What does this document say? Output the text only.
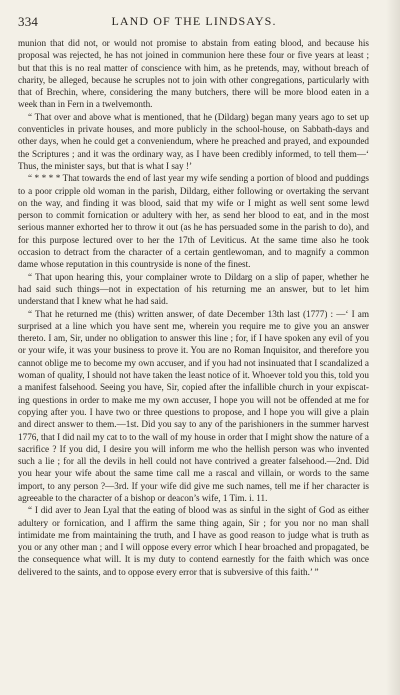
334	LAND OF THE LINDSAYS.

munion that did not, or would not promise to abstain from eating blood, and because his proposal was rejected, he has not joined in communion here these four or five years at least ; but that this is no real matter of conscience with him, as he pretends, may, without breach of charity, be alleged, because he scruples not to join with other congregations, particularly with that of Brechin, where, considering the many butchers, there will be more blood eaten in a week than in Fern in a twelvemonth.

“ That over and above what is mentioned, that he (Dildarg) began many years ago to set up conventicles in private houses, and more publicly in the school-house, on Sabbath-days and other days, when he could get a conveniendum, where he preached and prayed, and expounded the Scriptures ; and it was the ordinary way, as I have been credibly informed, to tell them—‘ Thus, the minister says, but that is what I say !’

“ * * * * That towards the end of last year my wife sending a portion of blood and puddings to a poor cripple old woman in the parish, Dildarg, either following or overtaking the servant on the way, and finding it was blood, said that my wife or I might as well sent some lewd person to commit fornication or adultery with her, as send her blood to eat, and in the most serious manner exhorted her to throw it out (as he has persuaded some in the parish to do), and for this purpose lectured over to her the 17th of Leviticus. At the same time also he took occasion to detract from the character of a certain gentlewoman, and to magnify a common dame whose reputation in this countryside is none of the finest.

“ That upon hearing this, your complainer wrote to Dildarg on a slip of paper, whether he had said such things—not in expectation of his returning me an answer, but to let him understand that I knew what he had said.

“ That he returned me (this) written answer, of date December 13th last (1777) : —‘ I am surprised at a line which you have sent me, wherein you require me to give you an answer thereto. I am, Sir, under no obligation to answer this line ; for, if I have spoken any evil of you or your wife, it was your business to prove it. You are no Roman Inquisitor, and therefore you cannot oblige me to become my own accuser, and if you had not insinuated that I scandalized a woman of quality, I should not have taken the least notice of it. Whoever told you this, told you a manifest falsehood. Seeing you have, Sir, copied after the infallible church in your expiscat-ing questions in order to make me my own accuser, I hope you will not be offended at me for copying after you. I have two or three questions to propose, and I hope you will give a plain and direct answer to them.—1st. Did you say to any of the parishioners in the summer harvest 1776, that I did nail my cat to to the wall of my house in order that I might show the nature of a sacrifice ? If you did, I desire you will inform me who the hellish person was who invented such a lie ; for all the devils in hell could not have contrived a greater falsehood.—2nd. Did you hear your wife about the same time call me a rascal and villain, or words to the same import, to any person ?—3rd. If your wife did give me such names, tell me if her character is agreeable to the character of a bishop or deacon’s wife, 1 Tim. i. 11.

“ I did aver to Jean Lyal that the eating of blood was as sinful in the sight of God as either adultery or fornication, and I affirm the same thing again, Sir ; for you nor no man shall intimidate me from maintaining the truth, and I have as good reason to judge what is truth as you or any other man ; and I will oppose every error which I hear broached and propagated, be the consequence what will. It is my duty to contend earnestly for the faith which was once delivered to the saints, and to oppose every error that is subversive of this faith.’ ”
